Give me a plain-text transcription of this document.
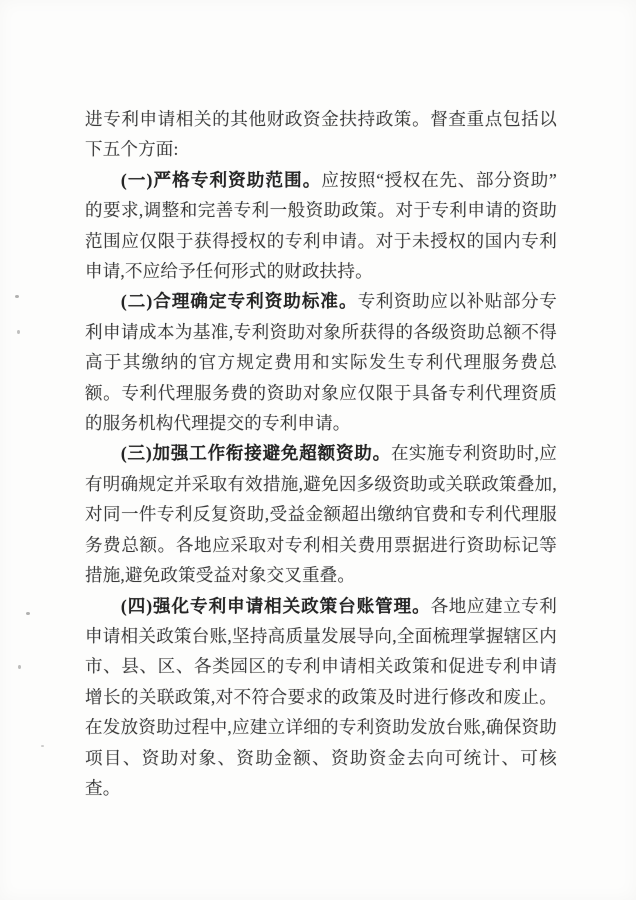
进专利申请相关的其他财政资金扶持政策。督查重点包括以下五个方面:

(一)严格专利资助范围。应按照“授权在先、部分资助”的要求,调整和完善专利一般资助政策。对于专利申请的资助范围应仅限于获得授权的专利申请。对于未授权的国内专利申请,不应给予任何形式的财政扶持。

(二)合理确定专利资助标准。专利资助应以补贴部分专利申请成本为基准,专利资助对象所获得的各级资助总额不得高于其缴纳的官方规定费用和实际发生专利代理服务费总额。专利代理服务费的资助对象应仅限于具备专利代理资质的服务机构代理提交的专利申请。

(三)加强工作衔接避免超额资助。在实施专利资助时,应有明确规定并采取有效措施,避免因多级资助或关联政策叠加,对同一件专利反复资助,受益金额超出缴纳官费和专利代理服务费总额。各地应采取对专利相关费用票据进行资助标记等措施,避免政策受益对象交叉重叠。

(四)强化专利申请相关政策台账管理。各地应建立专利申请相关政策台账,坚持高质量发展导向,全面梳理掌握辖区内市、县、区、各类园区的专利申请相关政策和促进专利申请增长的关联政策,对不符合要求的政策及时进行修改和废止。在发放资助过程中,应建立详细的专利资助发放台账,确保资助项目、资助对象、资助金额、资助资金去向可统计、可核查。
